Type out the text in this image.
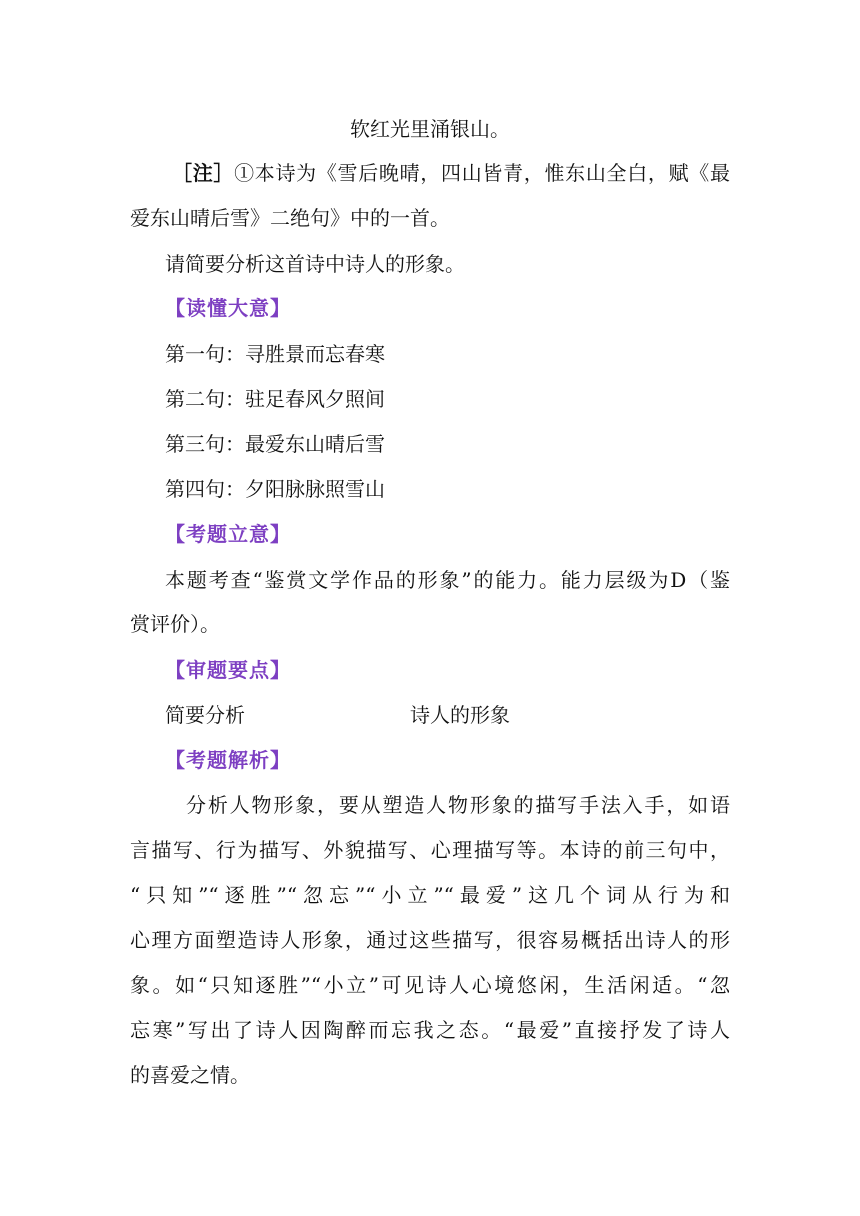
软红光里涌银山。
［注］①本诗为《雪后晚晴，四山皆青，惟东山全白，赋《最
爱东山晴后雪》二绝句》中的一首。
请简要分析这首诗中诗人的形象。
【读懂大意】
第一句：寻胜景而忘春寒
第二句：驻足春风夕照间
第三句：最爱东山晴后雪
第四句：夕阳脉脉照雪山
【考题立意】
本题考查“鉴赏文学作品的形象”的能力。能力层级为D（鉴
赏评价）。
【审题要点】
简要分析	诗人的形象
【考题解析】
分析人物形象，要从塑造人物形象的描写手法入手，如语
言描写、行为描写、外貌描写、心理描写等。本诗的前三句中，
“只知”“逐胜”“忽忘”“小立”“最爱”这几个词从行为和
心理方面塑造诗人形象，通过这些描写，很容易概括出诗人的形
象。如“只知逐胜”“小立”可见诗人心境悠闲，生活闲适。“忽
忘寒”写出了诗人因陶醉而忘我之态。“最爱”直接抒发了诗人
的喜爱之情。
